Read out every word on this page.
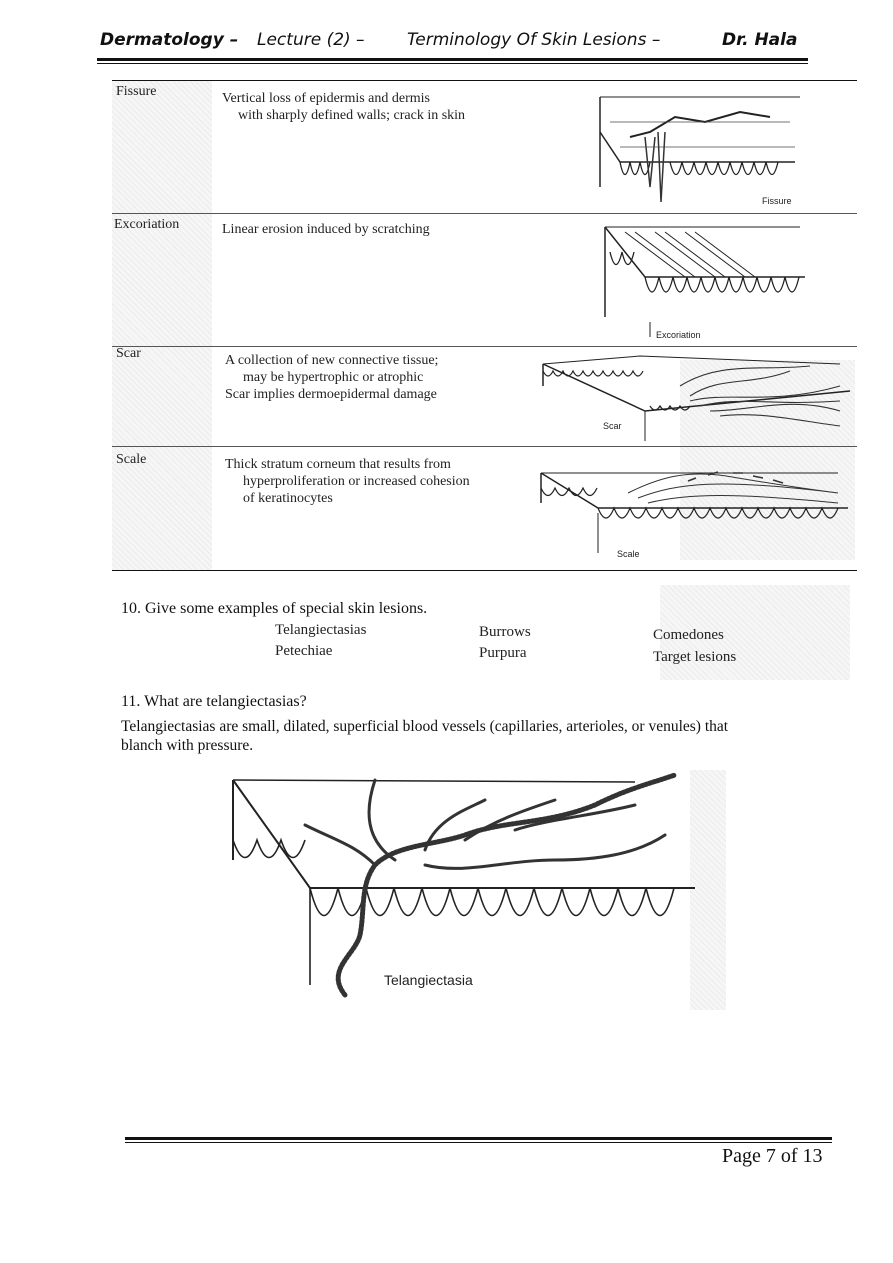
Dermatology – Lecture (2) – Terminology Of Skin Lesions –	Dr. Hala
Fissure	Vertical loss of epidermis and dermis
with sharply defined walls; crack in skin
Fissure
Excoriation	Linear erosion induced by scratching
Excoriation
Scar	A collection of new connective tissue;
may be hypertrophic or atrophic
Scar implies dermoepidermal damage
Scar
Scale	Thick stratum corneum that results from
hyperproliferation or increased cohesion
of keratinocytes
Scale
10. Give some examples of special skin lesions.
Telangiectasias
Petechiae
Burrows
Purpura
Comedones
Target lesions
11. What are telangiectasias?
Telangiectasias are small, dilated, superficial blood vessels (capillaries, arterioles, or venules) that
blanch with pressure.
Telangiectasia
Page 7 of 13
